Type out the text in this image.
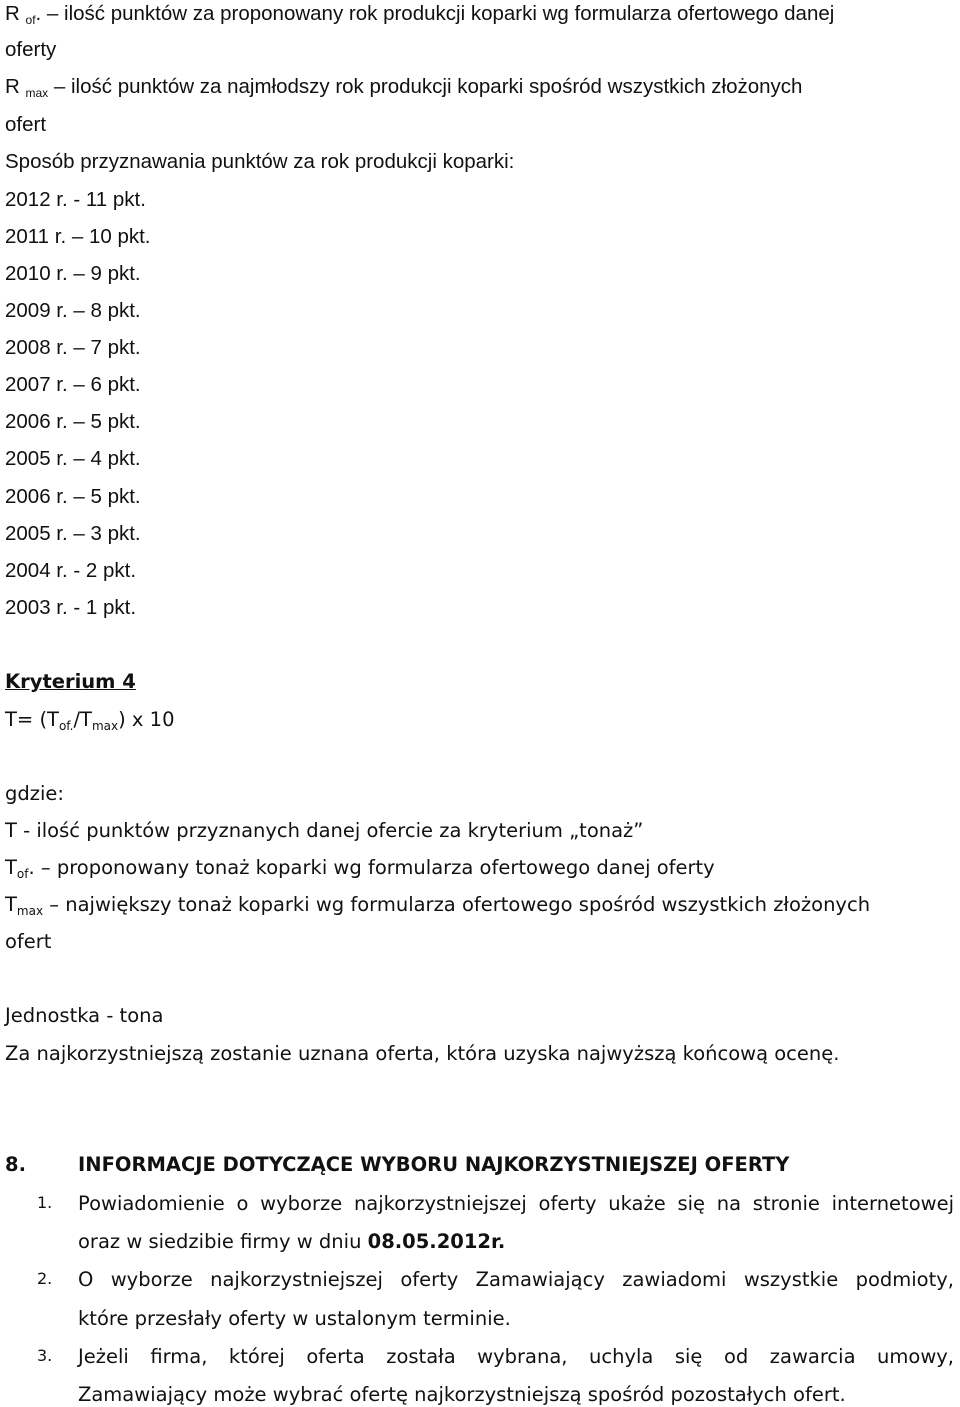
R of. – ilość punktów za proponowany rok produkcji koparki wg formularza ofertowego danej
oferty
R max – ilość punktów za najmłodszy rok produkcji koparki spośród wszystkich złożonych
ofert
Sposób przyznawania punktów za rok produkcji koparki:
2012 r. - 11 pkt.
2011 r. – 10 pkt.
2010 r. – 9 pkt.
2009 r. – 8 pkt.
2008 r. – 7 pkt.
2007 r. – 6 pkt.
2006 r. – 5 pkt.
2005 r. – 4 pkt.
2006 r. – 5 pkt.
2005 r. – 3 pkt.
2004 r. - 2 pkt.
2003 r. - 1 pkt.
Kryterium 4
$T= (T_{of.}/T_{max})$ x 10
gdzie:
T - ilość punktów przyznanych danej ofercie za kryterium „tonaż”
$T_{of}$. – proponowany tonaż koparki wg formularza ofertowego danej oferty
$T_{max}$ – największy tonaż koparki wg formularza ofertowego spośród wszystkich złożonych
ofert
Jednostka - tona
Za najkorzystniejszą zostanie uznana oferta, która uzyska najwyższą końcową ocenę.
8.	INFORMACJE DOTYCZĄCE WYBORU NAJKORZYSTNIEJSZEJ OFERTY
1. Powiadomienie o wyborze najkorzystniejszej oferty ukaże się na stronie internetowej
oraz w siedzibie firmy w dniu 08.05.2012r.
2. O wyborze najkorzystniejszej oferty Zamawiający zawiadomi wszystkie podmioty,
które przesłały oferty w ustalonym terminie.
3. Jeżeli firma, której oferta została wybrana, uchyla się od zawarcia umowy,
Zamawiający może wybrać ofertę najkorzystniejszą spośród pozostałych ofert.
